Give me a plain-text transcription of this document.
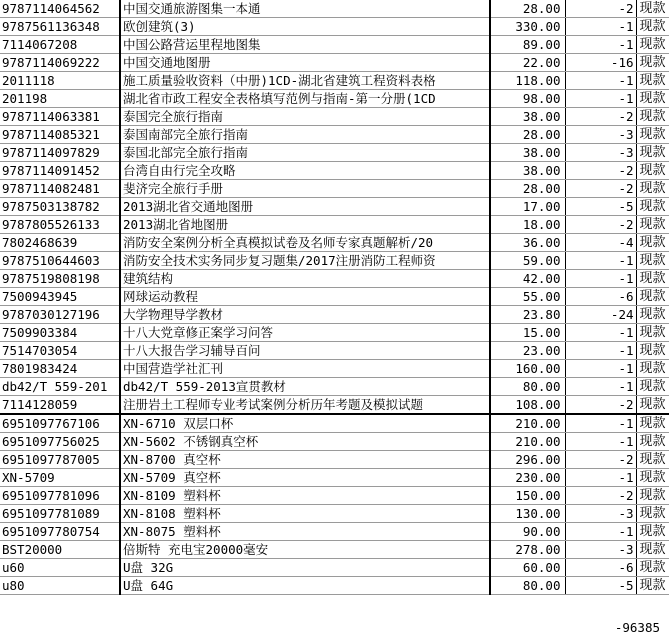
9787114064562	中国交通旅游图集一本通	28.00	-2	现款
9787561136348	欧创建筑(3)	330.00	-1	现款
7114067208	中国公路营运里程地图集	89.00	-1	现款
9787114069222	中国交通地图册	22.00	-16	现款
2011118	施工质量验收资料（中册)1CD-湖北省建筑工程资料表格	118.00	-1	现款
201198	湖北省市政工程安全表格填写范例与指南-第一分册(1CD	98.00	-1	现款
9787114063381	泰国完全旅行指南	38.00	-2	现款
9787114085321	泰国南部完全旅行指南	28.00	-3	现款
9787114097829	泰国北部完全旅行指南	38.00	-3	现款
9787114091452	台湾自由行完全攻略	38.00	-2	现款
9787114082481	斐济完全旅行手册	28.00	-2	现款
9787503138782	2013湖北省交通地图册	17.00	-5	现款
9787805526133	2013湖北省地图册	18.00	-2	现款
7802468639	消防安全案例分析全真模拟试卷及名师专家真题解析/20	36.00	-4	现款
9787510644603	消防安全技术实务同步复习题集/2017注册消防工程师资	59.00	-1	现款
9787519808198	建筑结构	42.00	-1	现款
7500943945	网球运动教程	55.00	-6	现款
9787030127196	大学物理导学教材	23.80	-24	现款
7509903384	十八大党章修正案学习问答	15.00	-1	现款
7514703054	十八大报告学习辅导百问	23.00	-1	现款
7801983424	中国营造学社汇刊	160.00	-1	现款
db42/T 559-201	db42/T 559-2013宣贯教材	80.00	-1	现款
7114128059	注册岩土工程师专业考试案例分析历年考题及模拟试题	108.00	-2	现款
6951097767106	XN-6710 双层口杯	210.00	-1	现款
6951097756025	XN-5602 不锈钢真空杯	210.00	-1	现款
6951097787005	XN-8700 真空杯	296.00	-2	现款
XN-5709	XN-5709 真空杯	230.00	-1	现款
6951097781096	XN-8109 塑料杯	150.00	-2	现款
6951097781089	XN-8108 塑料杯	130.00	-3	现款
6951097780754	XN-8075 塑料杯	90.00	-1	现款
BST20000	倍斯特 充电宝20000毫安	278.00	-3	现款
u60	U盘 32G	60.00	-6	现款
u80	U盘 64G	80.00	-5	现款
-96385
